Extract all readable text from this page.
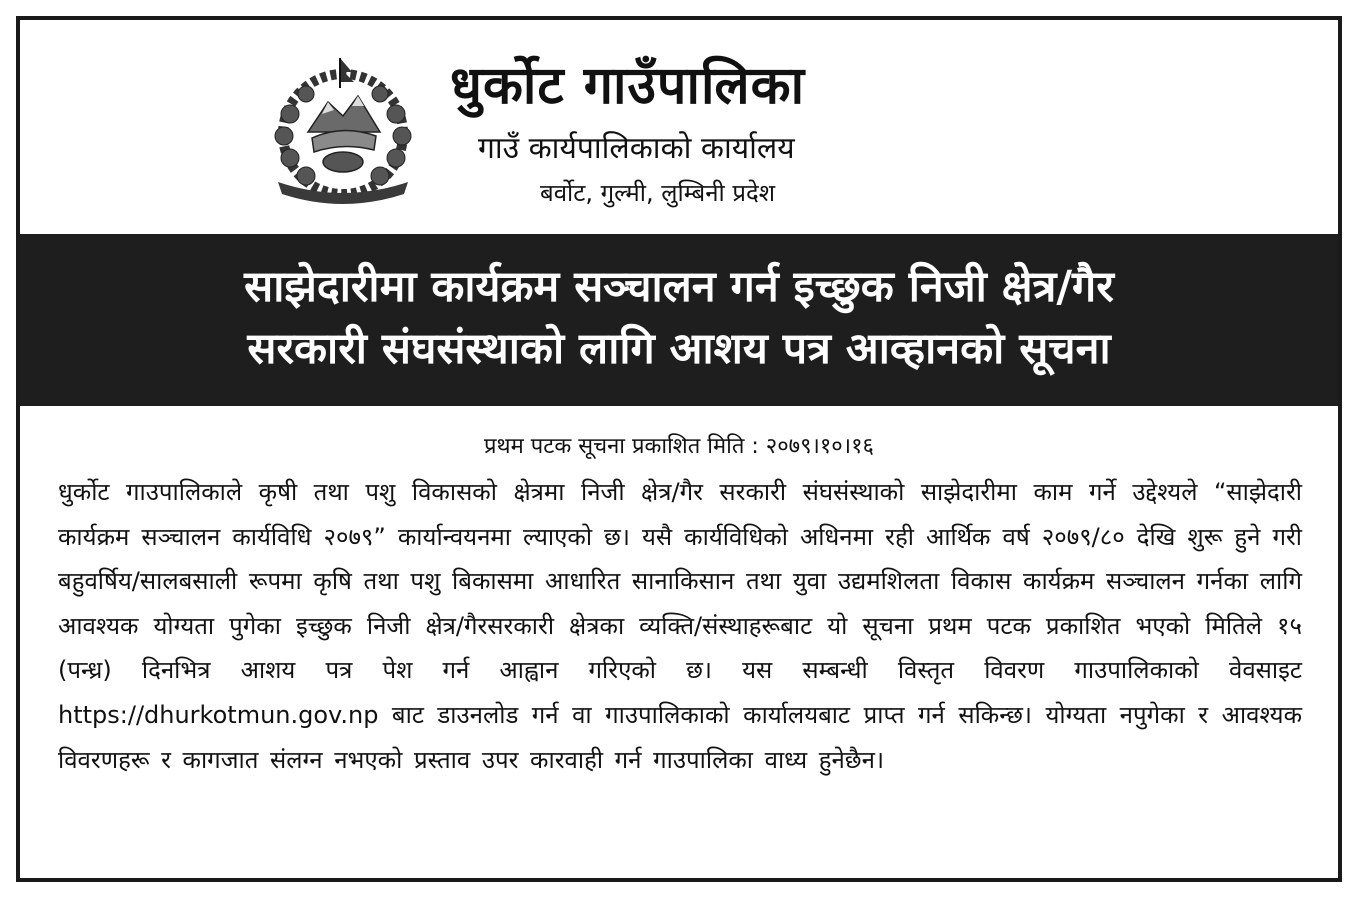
धुर्कोट गाउँपालिका
गाउँ कार्यपालिकाको कार्यालय
बर्वोट, गुल्मी, लुम्बिनी प्रदेश
साझेदारीमा कार्यक्रम सञ्चालन गर्न इच्छुक निजी क्षेत्र/गैर
सरकारी संघसंस्थाको लागि आशय पत्र आव्हानको सूचना
प्रथम पटक सूचना प्रकाशित मिति : २०७९।१०।१६
धुर्कोट गाउपालिकाले कृषी तथा पशु विकासको क्षेत्रमा निजी क्षेत्र/गैर सरकारी संघसंस्थाको साझेदारीमा काम गर्ने उद्देश्यले “साझेदारी कार्यक्रम सञ्चालन कार्यविधि २०७९” कार्यान्वयनमा ल्याएको छ। यसै कार्यविधिको अधिनमा रही आर्थिक वर्ष २०७९/८० देखि शुरू हुने गरी बहुवर्षिय/सालबसाली रूपमा कृषि तथा पशु बिकासमा आधारित सानाकिसान तथा युवा उद्यमशिलता विकास कार्यक्रम सञ्चालन गर्नका लागि आवश्यक योग्यता पुगेका इच्छुक निजी क्षेत्र/गैरसरकारी क्षेत्रका व्यक्ति/संस्थाहरूबाट यो सूचना प्रथम पटक प्रकाशित भएको मितिले १५ (पन्ध्र) दिनभित्र आशय पत्र पेश गर्न आह्वान गरिएको छ। यस सम्बन्धी विस्तृत विवरण गाउपालिकाको वेवसाइट https://dhurkotmun.gov.np बाट डाउनलोड गर्न वा गाउपालिकाको कार्यालयबाट प्राप्त गर्न सकिन्छ। योग्यता नपुगेका र आवश्यक विवरणहरू र कागजात संलग्न नभएको प्रस्ताव उपर कारवाही गर्न गाउपालिका वाध्य हुनेछैन।
